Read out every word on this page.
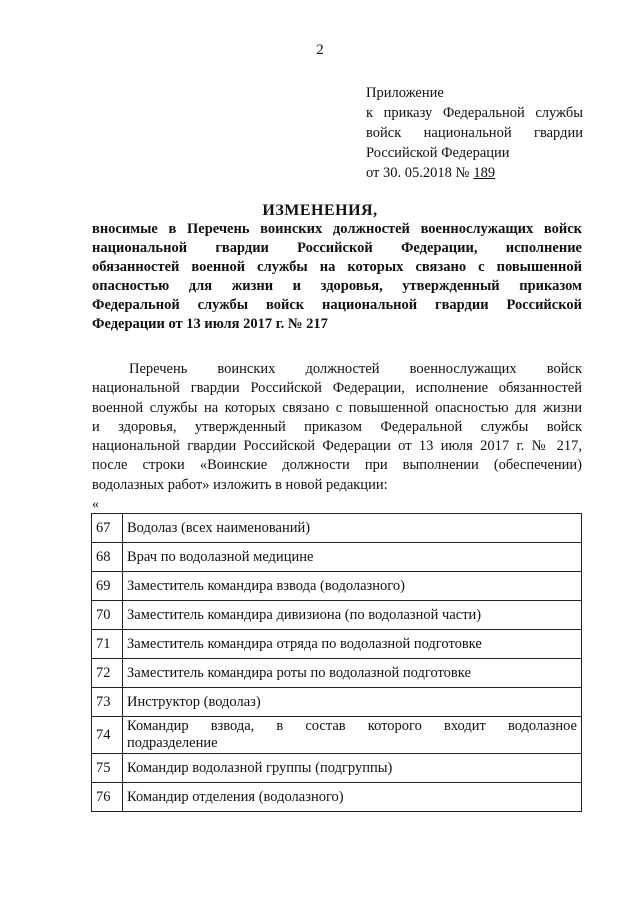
2
Приложение
к приказу Федеральной службы
войск национальной гвардии
Российской Федерации
от 30. 05.2018 № 189
ИЗМЕНЕНИЯ,
вносимые в Перечень воинских должностей военнослужащих войск
национальной гвардии Российской Федерации, исполнение
обязанностей военной службы на которых связано с повышенной
опасностью для жизни и здоровья, утвержденный приказом
Федеральной службы войск национальной гвардии Российской
Федерации от 13 июля 2017 г. № 217
Перечень воинских должностей военнослужащих войск
национальной гвардии Российской Федерации, исполнение обязанностей
военной службы на которых связано с повышенной опасностью для жизни
и здоровья, утвержденный приказом Федеральной службы войск
национальной гвардии Российской Федерации от 13 июля 2017 г. № 217,
после строки «Воинские должности при выполнении (обеспечении)
водолазных работ» изложить в новой редакции:
«
67	Водолаз (всех наименований)
68	Врач по водолазной медицине
69	Заместитель командира взвода (водолазного)
70	Заместитель командира дивизиона (по водолазной части)
71	Заместитель командира отряда по водолазной подготовке
72	Заместитель командира роты по водолазной подготовке
73	Инструктор (водолаз)
74	Командир взвода, в состав которого входит водолазное
подразделение

75	Командир водолазной группы (подгруппы)
76	Командир отделения (водолазного)
